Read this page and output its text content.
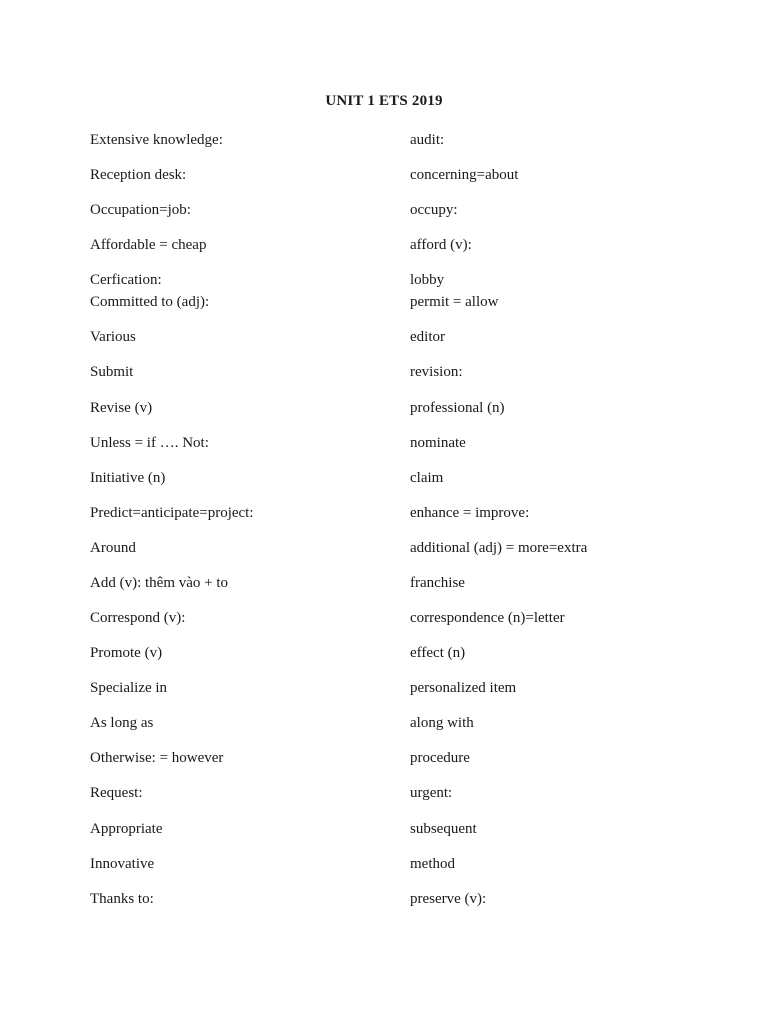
UNIT 1 ETS 2019
Extensive knowledge:	audit:
Reception desk:	concerning=about
Occupation=job:	occupy:
Affordable = cheap	afford (v):
Cerfication:	lobby
Committed to (adj):	permit = allow
Various	editor
Submit	revision:
Revise (v)	professional (n)
Unless = if …. Not:	nominate
Initiative (n)	claim
Predict=anticipate=project:	enhance = improve:
Around	additional (adj) = more=extra
Add (v): thêm vào + to	franchise
Correspond (v):	correspondence (n)=letter
Promote (v)	effect (n)
Specialize in	personalized item
As long as	along with
Otherwise: = however	procedure
Request:	urgent:
Appropriate	subsequent
Innovative	method
Thanks to:	preserve (v):
